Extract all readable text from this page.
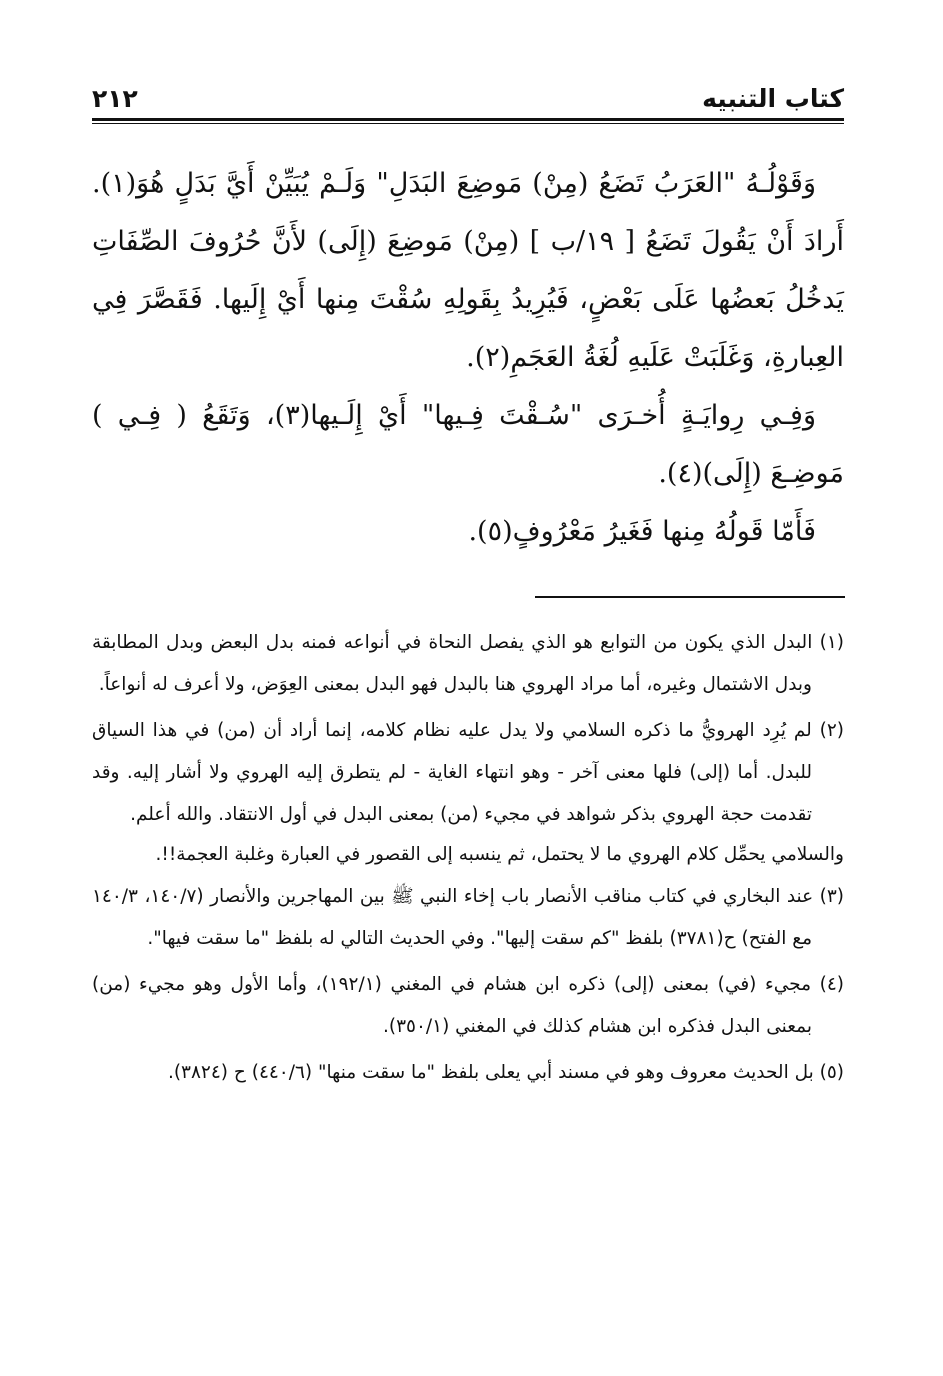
كتاب التنبيه
٢١٢

وَقَوْلُـهُ "العَرَبُ تَضَعُ (مِنْ) مَوضِعَ البَدَلِ" وَلَـمْ يُبَيِّنْ أَيَّ بَدَلٍ هُوَ(١). أَرادَ أَنْ يَقُولَ تَضَعُ [ ١٩/ب ] (مِنْ) مَوضِعَ (إِلَى) لأَنَّ حُرُوفَ الصِّفَاتِ يَدخُلُ بَعضُها عَلَى بَعْضٍ، فَيُرِيدُ بِقَولِهِ سُقْتَ مِنها أَيْ إِلَيها. فَقَصَّرَ فِي العِبارةِ، وَغَلَبَتْ عَلَيهِ لُغَةُ العَجَمِ(٢).

وَفِـي رِوايَـةٍ أُخـرَى "سُـقْتَ فِـيها" أَيْ إِلَـيها(٣)، وَتَقَعُ ( فِـي ) مَوضِـعَ (إِلَى)(٤).

فَأَمّا قَولُهُ مِنها فَغَيرُ مَعْرُوفٍ(٥).

(١) البدل الذي يكون من التوابع هو الذي يفصل النحاة في أنواعه فمنه بدل البعض وبدل المطابقة وبدل الاشتمال وغيره، أما مراد الهروي هنا بالبدل فهو البدل بمعنى العِوَض، ولا أعرف له أنواعاً.

(٢) لم يُرِد الهرويُّ ما ذكره السلامي ولا يدل عليه نظام كلامه، إنما أراد أن (من) في هذا السياق للبدل. أما (إلى) فلها معنى آخر - وهو انتهاء الغاية - لم يتطرق إليه الهروي ولا أشار إليه. وقد تقدمت حجة الهروي بذكر شواهد في مجيء (من) بمعنى البدل في أول الانتقاد. والله أعلم.

والسلامي يحمِّل كلام الهروي ما لا يحتمل، ثم ينسبه إلى القصور في العبارة وغلبة العجمة!!.

(٣) عند البخاري في كتاب مناقب الأنصار باب إخاء النبي ﷺ بين المهاجرين والأنصار (١٤٠/٧، ١٤٠/٣ مع الفتح) ح(٣٧٨١) بلفظ "كم سقت إليها". وفي الحديث التالي له بلفظ "ما سقت فيها".

(٤) مجيء (في) بمعنى (إلى) ذكره ابن هشام في المغني (١٩٢/١)، وأما الأول وهو مجيء (من) بمعنى البدل فذكره ابن هشام كذلك في المغني (٣٥٠/١).

(٥) بل الحديث معروف وهو في مسند أبي يعلى بلفظ "ما سقت منها" (٤٤٠/٦) ح (٣٨٢٤).
